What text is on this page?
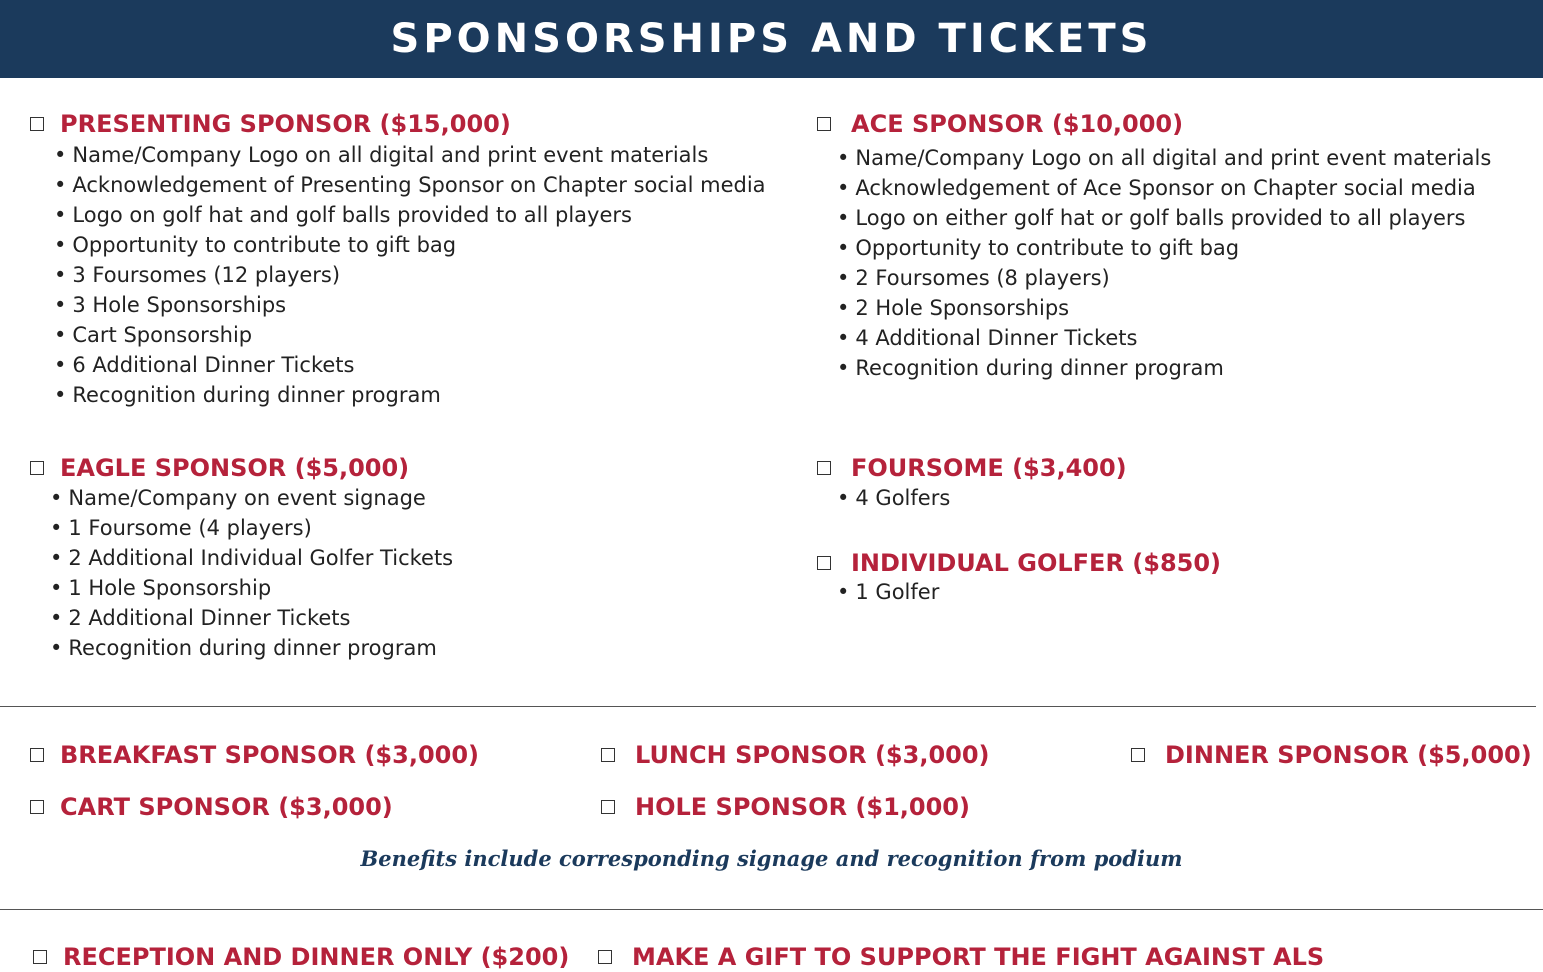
SPONSORSHIPS AND TICKETS
PRESENTING SPONSOR ($15,000)
• Name/Company Logo on all digital and print event materials
• Acknowledgement of Presenting Sponsor on Chapter social media
• Logo on golf hat and golf balls provided to all players
• Opportunity to contribute to gift bag
• 3 Foursomes (12 players)
• 3 Hole Sponsorships
• Cart Sponsorship
• 6 Additional Dinner Tickets
• Recognition during dinner program
ACE SPONSOR ($10,000)
• Name/Company Logo on all digital and print event materials
• Acknowledgement of Ace Sponsor on Chapter social media
• Logo on either golf hat or golf balls provided to all players
• Opportunity to contribute to gift bag
• 2 Foursomes (8 players)
• 2 Hole Sponsorships
• 4 Additional Dinner Tickets
• Recognition during dinner program
EAGLE SPONSOR ($5,000)
• Name/Company on event signage
• 1 Foursome (4 players)
• 2 Additional Individual Golfer Tickets
• 1 Hole Sponsorship
• 2 Additional Dinner Tickets
• Recognition during dinner program
FOURSOME ($3,400)
• 4 Golfers
INDIVIDUAL GOLFER ($850)
• 1 Golfer
BREAKFAST SPONSOR ($3,000)	LUNCH SPONSOR ($3,000)	DINNER SPONSOR ($5,000)
CART SPONSOR ($3,000)	HOLE SPONSOR ($1,000)
Benefits include corresponding signage and recognition from podium
RECEPTION AND DINNER ONLY ($200)	MAKE A GIFT TO SUPPORT THE FIGHT AGAINST ALS
